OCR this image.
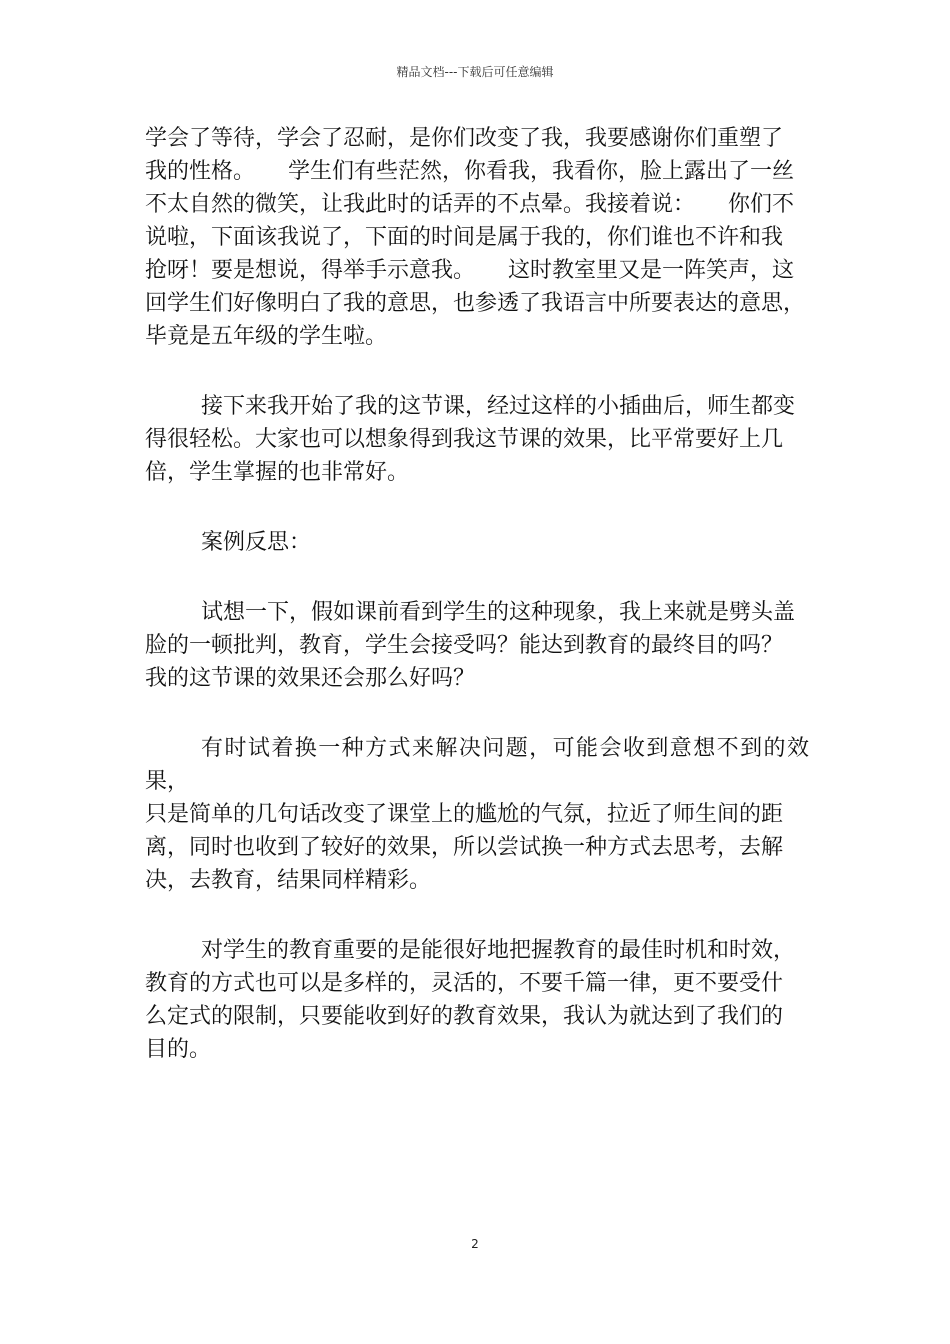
精品文档---下载后可任意编辑
学会了等待，学会了忍耐，是你们改变了我，我要感谢你们重塑了
我的性格。　　学生们有些茫然，你看我，我看你，脸上露出了一丝
不太自然的微笑，让我此时的话弄的不点晕。我接着说：　　你们不
说啦，下面该我说了，下面的时间是属于我的，你们谁也不许和我
抢呀！要是想说，得举手示意我。　　这时教室里又是一阵笑声，这
回学生们好像明白了我的意思，也参透了我语言中所要表达的意思，
毕竟是五年级的学生啦。
接下来我开始了我的这节课，经过这样的小插曲后，师生都变
得很轻松。大家也可以想象得到我这节课的效果，比平常要好上几
倍，学生掌握的也非常好。
案例反思：
试想一下，假如课前看到学生的这种现象，我上来就是劈头盖
脸的一顿批判，教育，学生会接受吗？能达到教育的最终目的吗？
我的这节课的效果还会那么好吗？
有时试着换一种方式来解决问题，可能会收到意想不到的效果，
只是简单的几句话改变了课堂上的尴尬的气氛，拉近了师生间的距
离，同时也收到了较好的效果，所以尝试换一种方式去思考，去解
决，去教育，结果同样精彩。
对学生的教育重要的是能很好地把握教育的最佳时机和时效，
教育的方式也可以是多样的，灵活的，不要千篇一律，更不要受什
么定式的限制，只要能收到好的教育效果，我认为就达到了我们的
目的。
2
